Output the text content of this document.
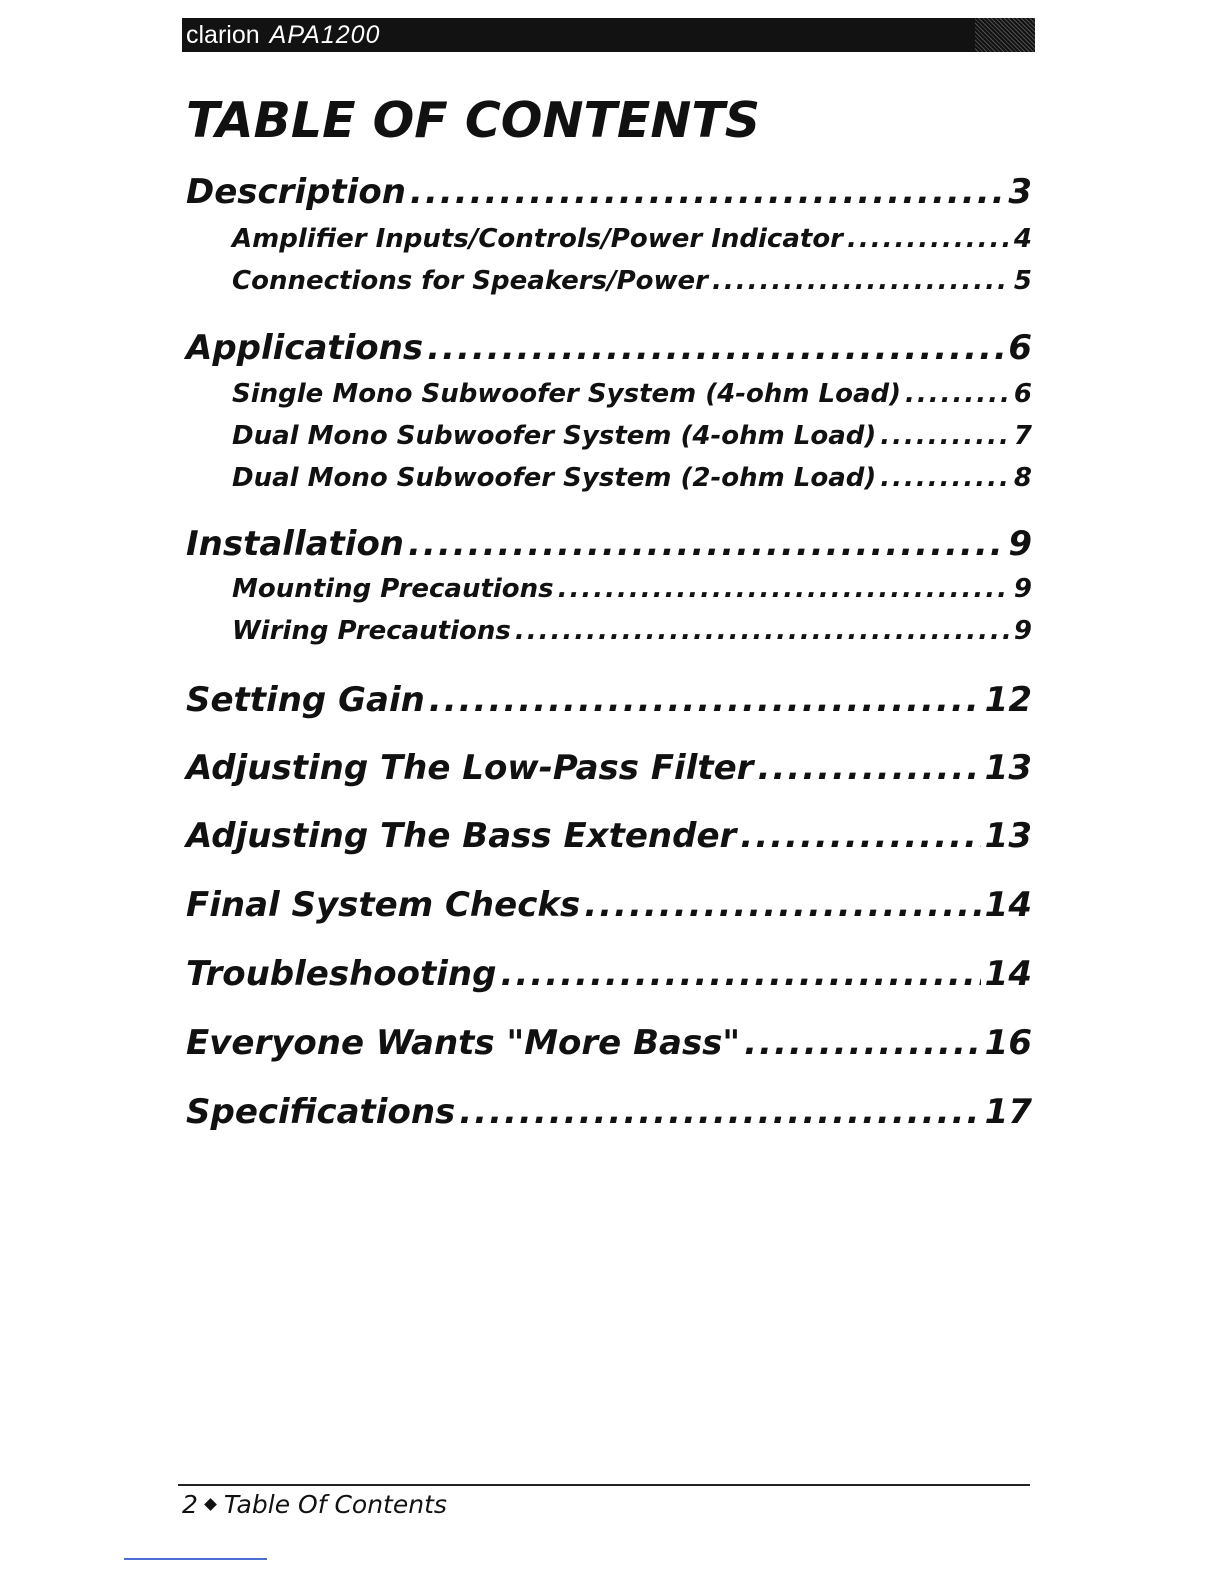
clarion APA1200
TABLE OF CONTENTS
Description .....	3
Amplifier Inputs/Controls/Power Indicator .....	4
Connections for Speakers/Power .....	5
Applications .....	6
Single Mono Subwoofer System (4-ohm Load) .....	6
Dual Mono Subwoofer System (4-ohm Load) .....	7
Dual Mono Subwoofer System (2-ohm Load) .....	8
Installation .....	9
Mounting Precautions .....	9
Wiring Precautions .....	9
Setting Gain .....	12
Adjusting The Low-Pass Filter .....	13
Adjusting The Bass Extender .....	13
Final System Checks .....	14
Troubleshooting .....	14
Everyone Wants "More Bass" .....	16
Specifications .....	17
2 Table Of Contents
